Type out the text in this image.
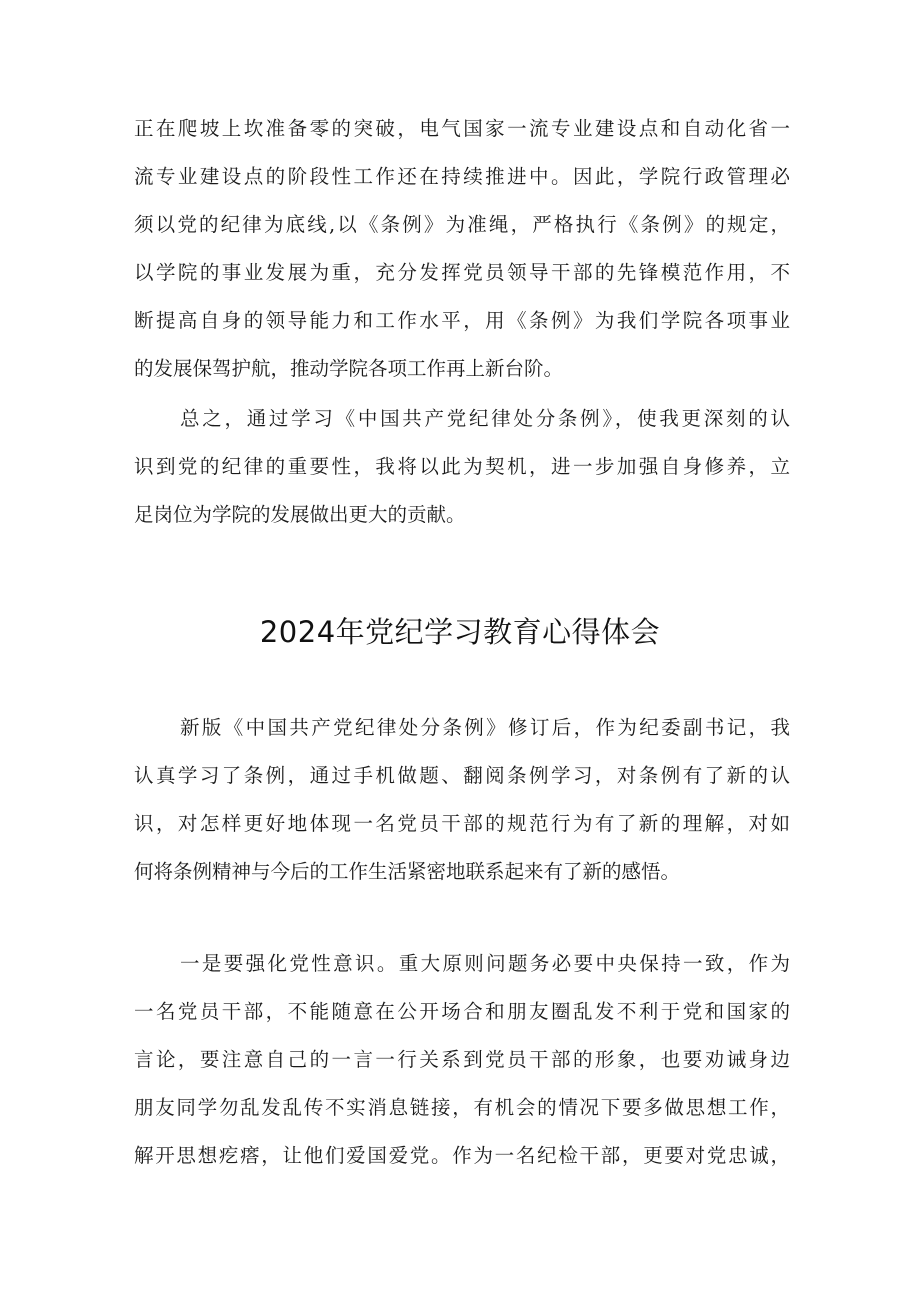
正在爬坡上坎准备零的突破，电气国家一流专业建设点和自动化省一
流专业建设点的阶段性工作还在持续推进中。因此，学院行政管理必
须以党的纪律为底线,以《条例》为准绳，严格执行《条例》的规定，
以学院的事业发展为重，充分发挥党员领导干部的先锋模范作用，不
断提高自身的领导能力和工作水平，用《条例》为我们学院各项事业
的发展保驾护航，推动学院各项工作再上新台阶。
总之，通过学习《中国共产党纪律处分条例》，使我更深刻的认
识到党的纪律的重要性，我将以此为契机，进一步加强自身修养，立
足岗位为学院的发展做出更大的贡献。
2024年党纪学习教育心得体会
新版《中国共产党纪律处分条例》修订后，作为纪委副书记，我
认真学习了条例，通过手机做题、翻阅条例学习，对条例有了新的认
识，对怎样更好地体现一名党员干部的规范行为有了新的理解，对如
何将条例精神与今后的工作生活紧密地联系起来有了新的感悟。
一是要强化党性意识。重大原则问题务必要中央保持一致，作为
一名党员干部，不能随意在公开场合和朋友圈乱发不利于党和国家的
言论，要注意自己的一言一行关系到党员干部的形象，也要劝诫身边
朋友同学勿乱发乱传不实消息链接，有机会的情况下要多做思想工作，
解开思想疙瘩，让他们爱国爱党。作为一名纪检干部，更要对党忠诚，
